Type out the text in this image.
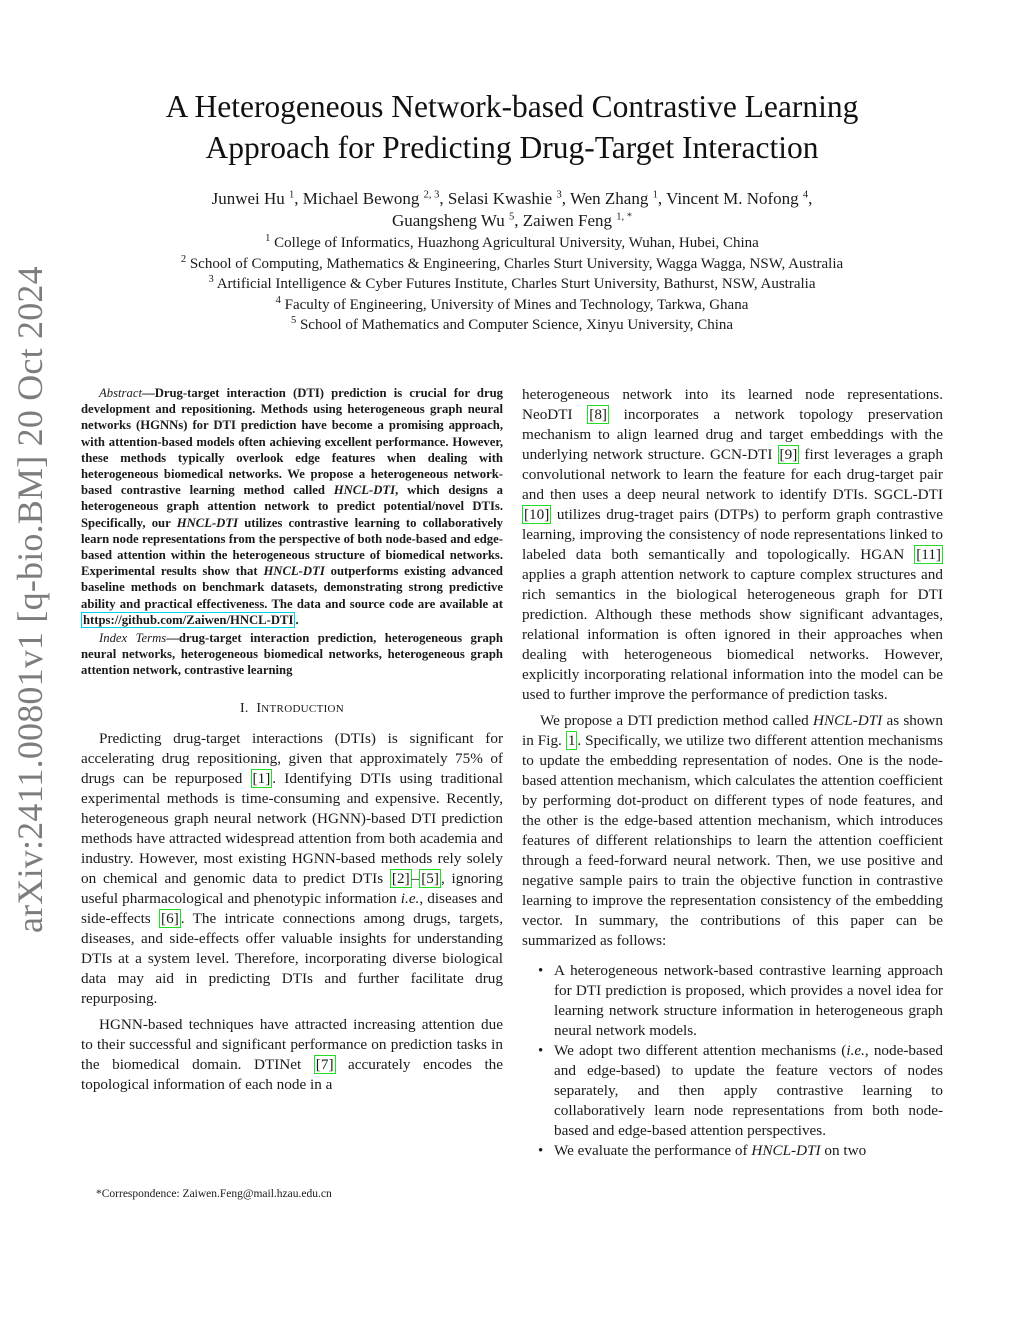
arXiv:2411.00801v1 [q-bio.BM] 20 Oct 2024
A Heterogeneous Network-based Contrastive Learning
Approach for Predicting Drug-Target Interaction
Junwei Hu $^1$, Michael Bewong $^{2, 3}$, Selasi Kwashie $^3$, Wen Zhang $^1$, Vincent M. Nofong $^4$,
Guangsheng Wu $^5$, Zaiwen Feng $^{1, *}$
$^1$ College of Informatics, Huazhong Agricultural University, Wuhan, Hubei, China
$^2$ School of Computing, Mathematics & Engineering, Charles Sturt University, Wagga Wagga, NSW, Australia
$^3$ Artificial Intelligence & Cyber Futures Institute, Charles Sturt University, Bathurst, NSW, Australia
$^4$ Faculty of Engineering, University of Mines and Technology, Tarkwa, Ghana
$^5$ School of Mathematics and Computer Science, Xinyu University, China
Abstract—Drug-target interaction (DTI) prediction is crucial for drug development and repositioning. Methods using heterogeneous graph neural networks (HGNNs) for DTI prediction have become a promising approach, with attention-based models often achieving excellent performance. However, these methods typically overlook edge features when dealing with heterogeneous biomedical networks. We propose a heterogeneous network-based contrastive learning method called HNCL-DTI, which designs a heterogeneous graph attention network to predict potential/novel DTIs. Specifically, our HNCL-DTI utilizes contrastive learning to collaboratively learn node representations from the perspective of both node-based and edge-based attention within the heterogeneous structure of biomedical networks. Experimental results show that HNCL-DTI outperforms existing advanced baseline methods on benchmark datasets, demonstrating strong predictive ability and practical effectiveness. The data and source code are available at https://github.com/Zaiwen/HNCL-DTI .
Index Terms—drug-target interaction prediction, heterogeneous graph neural networks, heterogeneous biomedical networks, heterogeneous graph attention network, contrastive learning
I. INTRODUCTION
Predicting drug-target interactions (DTIs) is significant for accelerating drug repositioning, given that approximately 75% of drugs can be repurposed [1] . Identifying DTIs using traditional experimental methods is time-consuming and expensive. Recently, heterogeneous graph neural network (HGNN)-based DTI prediction methods have attracted widespread attention from both academia and industry. However, most existing HGNN-based methods rely solely on chemical and genomic data to predict DTIs [2] – [5] , ignoring useful pharmacological and phenotypic information i.e., diseases and side-effects [6] . The intricate connections among drugs, targets, diseases, and side-effects offer valuable insights for understanding DTIs at a system level. Therefore, incorporating diverse biological data may aid in predicting DTIs and further facilitate drug repurposing.
HGNN-based techniques have attracted increasing attention due to their successful and significant performance on prediction tasks in the biomedical domain. DTINet [7] accurately encodes the topological information of each node in a
*Correspondence: Zaiwen.Feng@mail.hzau.edu.cn
heterogeneous network into its learned node representations. NeoDTI [8] incorporates a network topology preservation mechanism to align learned drug and target embeddings with the underlying network structure. GCN-DTI [9] first leverages a graph convolutional network to learn the feature for each drug-target pair and then uses a deep neural network to identify DTIs. SGCL-DTI [10] utilizes drug-traget pairs (DTPs) to perform graph contrastive learning, improving the consistency of node representations linked to labeled data both semantically and topologically. HGAN [11] applies a graph attention network to capture complex structures and rich semantics in the biological heterogeneous graph for DTI prediction. Although these methods show significant advantages, relational information is often ignored in their approaches when dealing with heterogeneous biomedical networks. However, explicitly incorporating relational information into the model can be used to further improve the performance of prediction tasks.
We propose a DTI prediction method called HNCL-DTI as shown in Fig. 1 . Specifically, we utilize two different attention mechanisms to update the embedding representation of nodes. One is the node-based attention mechanism, which calculates the attention coefficient by performing dot-product on different types of node features, and the other is the edge-based attention mechanism, which introduces features of different relationships to learn the attention coefficient through a feed-forward neural network. Then, we use positive and negative sample pairs to train the objective function in contrastive learning to improve the representation consistency of the embedding vector. In summary, the contributions of this paper can be summarized as follows:
• A heterogeneous network-based contrastive learning approach for DTI prediction is proposed, which provides a novel idea for learning network structure information in heterogeneous graph neural network models.
• We adopt two different attention mechanisms (i.e., node-based and edge-based) to update the feature vectors of nodes separately, and then apply contrastive learning to collaboratively learn node representations from both node-based and edge-based attention perspectives.
• We evaluate the performance of HNCL-DTI on two
